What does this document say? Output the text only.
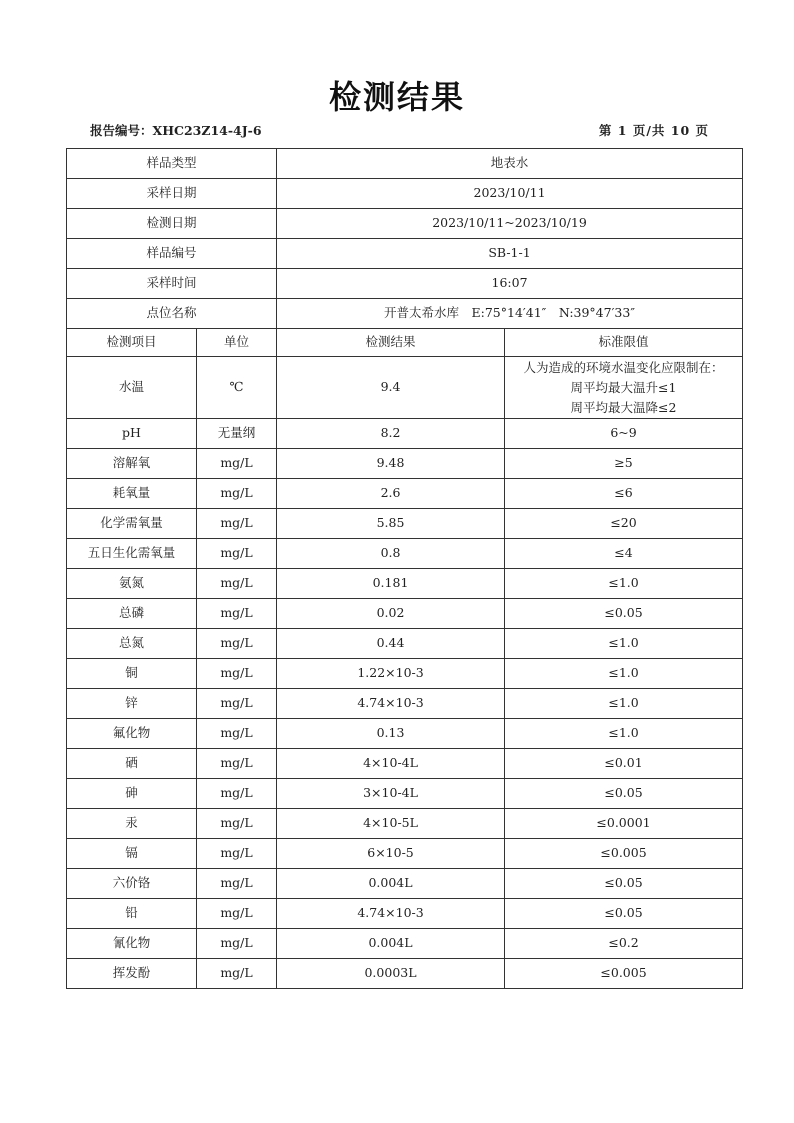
检测结果
报告编号：XHC23Z14-4J-6	第 1 页/共 10 页
样品类型		地表水	
采样日期		2023/10/11	
检测日期		2023/10/11~2023/10/19	
样品编号		SB-1-1	
采样时间		16:07	
点位名称		开普太希水库　E:75°14′41″　N:39°47′33″	
检测项目	单位	检测结果	标准限值
水温	℃	9.4	人为造成的环境水温变化应限制在：
周平均最大温升≤1
周平均最大温降≤2

pH	无量纲	8.2	6~9
溶解氧	mg/L	9.48	≥5
耗氧量	mg/L	2.6	≤6
化学需氧量	mg/L	5.85	≤20
五日生化需氧量	mg/L	0.8	≤4
氨氮	mg/L	0.181	≤1.0
总磷	mg/L	0.02	≤0.05
总氮	mg/L	0.44	≤1.0
铜	mg/L	1.22×10-3	≤1.0
锌	mg/L	4.74×10-3	≤1.0
氟化物	mg/L	0.13	≤1.0
硒	mg/L	4×10-4L	≤0.01
砷	mg/L	3×10-4L	≤0.05
汞	mg/L	4×10-5L	≤0.0001
镉	mg/L	6×10-5	≤0.005
六价铬	mg/L	0.004L	≤0.05
铅	mg/L	4.74×10-3	≤0.05
氰化物	mg/L	0.004L	≤0.2
挥发酚	mg/L	0.0003L	≤0.005
